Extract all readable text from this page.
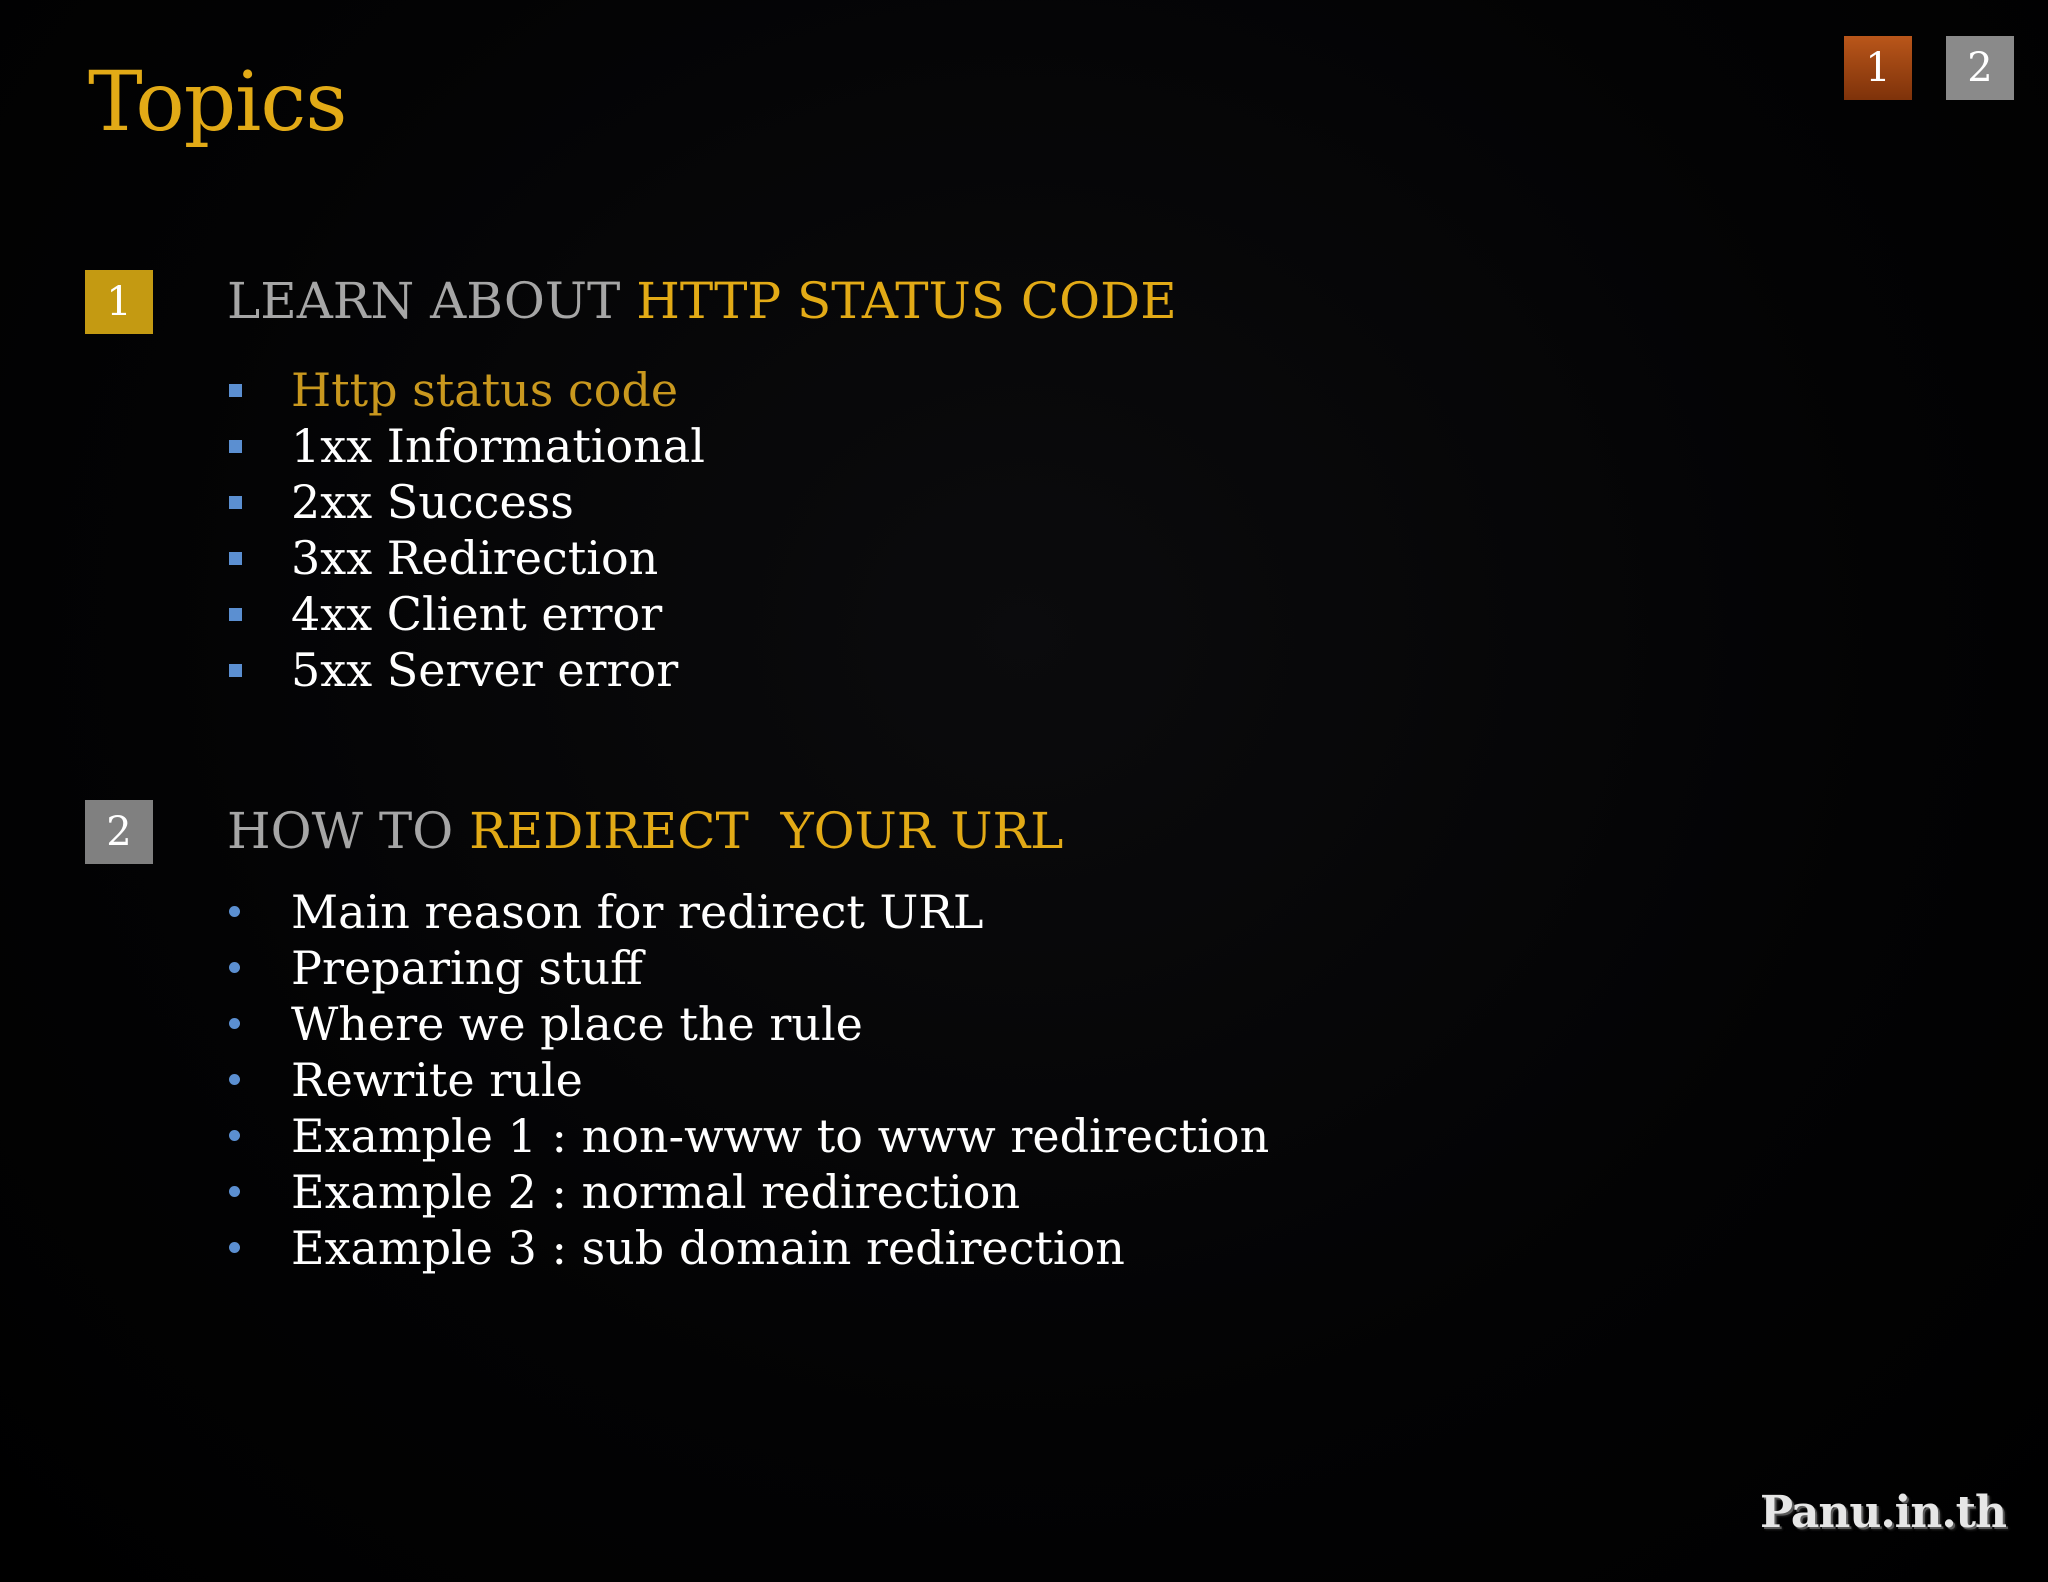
Topics	1	2
1	LEARN ABOUT HTTP STATUS CODE
Http status code
1xx Informational
2xx Success
3xx Redirection
4xx Client error
5xx Server error
2	HOW TO REDIRECT  YOUR URL
Main reason for redirect URL
Preparing stuff
Where we place the rule
Rewrite rule
Example 1 : non-www to www redirection
Example 2 : normal redirection
Example 3 : sub domain redirection
Panu.in.th
